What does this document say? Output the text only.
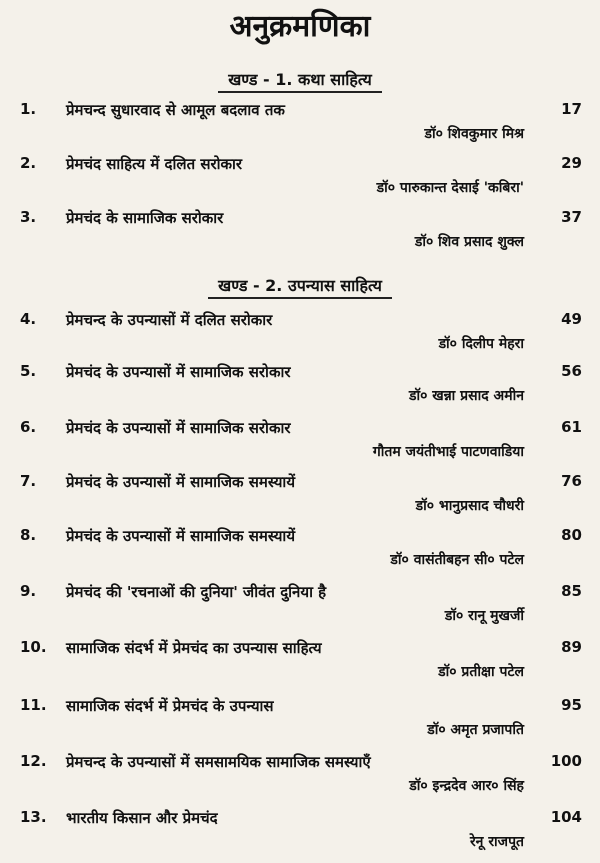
अनुक्रमणिका
खण्ड - 1. कथा साहित्य
1. प्रेमचन्द सुधारवाद से आमूल बदलाव तक	17
डॉ० शिवकुमार मिश्र
2. प्रेमचंद साहित्य में दलित सरोकार	29
डॉ० पारुकान्त देसाई 'कबिरा'
3. प्रेमचंद के सामाजिक सरोकार	37
डॉ० शिव प्रसाद शुक्ल
खण्ड - 2. उपन्यास साहित्य
4. प्रेमचन्द के उपन्यासों में दलित सरोकार	49
डॉ० दिलीप मेहरा
5. प्रेमचंद के उपन्यासों में सामाजिक सरोकार	56
डॉ० खन्ना प्रसाद अमीन
6. प्रेमचंद के उपन्यासों में सामाजिक सरोकार	61
गौतम जयंतीभाई पाटणवाडिया
7. प्रेमचंद के उपन्यासों में सामाजिक समस्यायें	76
डॉ० भानुप्रसाद चौधरी
8. प्रेमचंद के उपन्यासों में सामाजिक समस्यायें	80
डॉ० वासंतीबहन सी० पटेल
9. प्रेमचंद की 'रचनाओं की दुनिया' जीवंत दुनिया है	85
डॉ० रानू मुखर्जी
10. सामाजिक संदर्भ में प्रेमचंद का उपन्यास साहित्य	89
डॉ० प्रतीक्षा पटेल
11. सामाजिक संदर्भ में प्रेमचंद के उपन्यास	95
डॉ० अमृत प्रजापति
12. प्रेमचन्द के उपन्यासों में समसामयिक सामाजिक समस्याएँ	100
डॉ० इन्द्रदेव आर० सिंह
13. भारतीय किसान और प्रेमचंद	104
रेनू राजपूत
